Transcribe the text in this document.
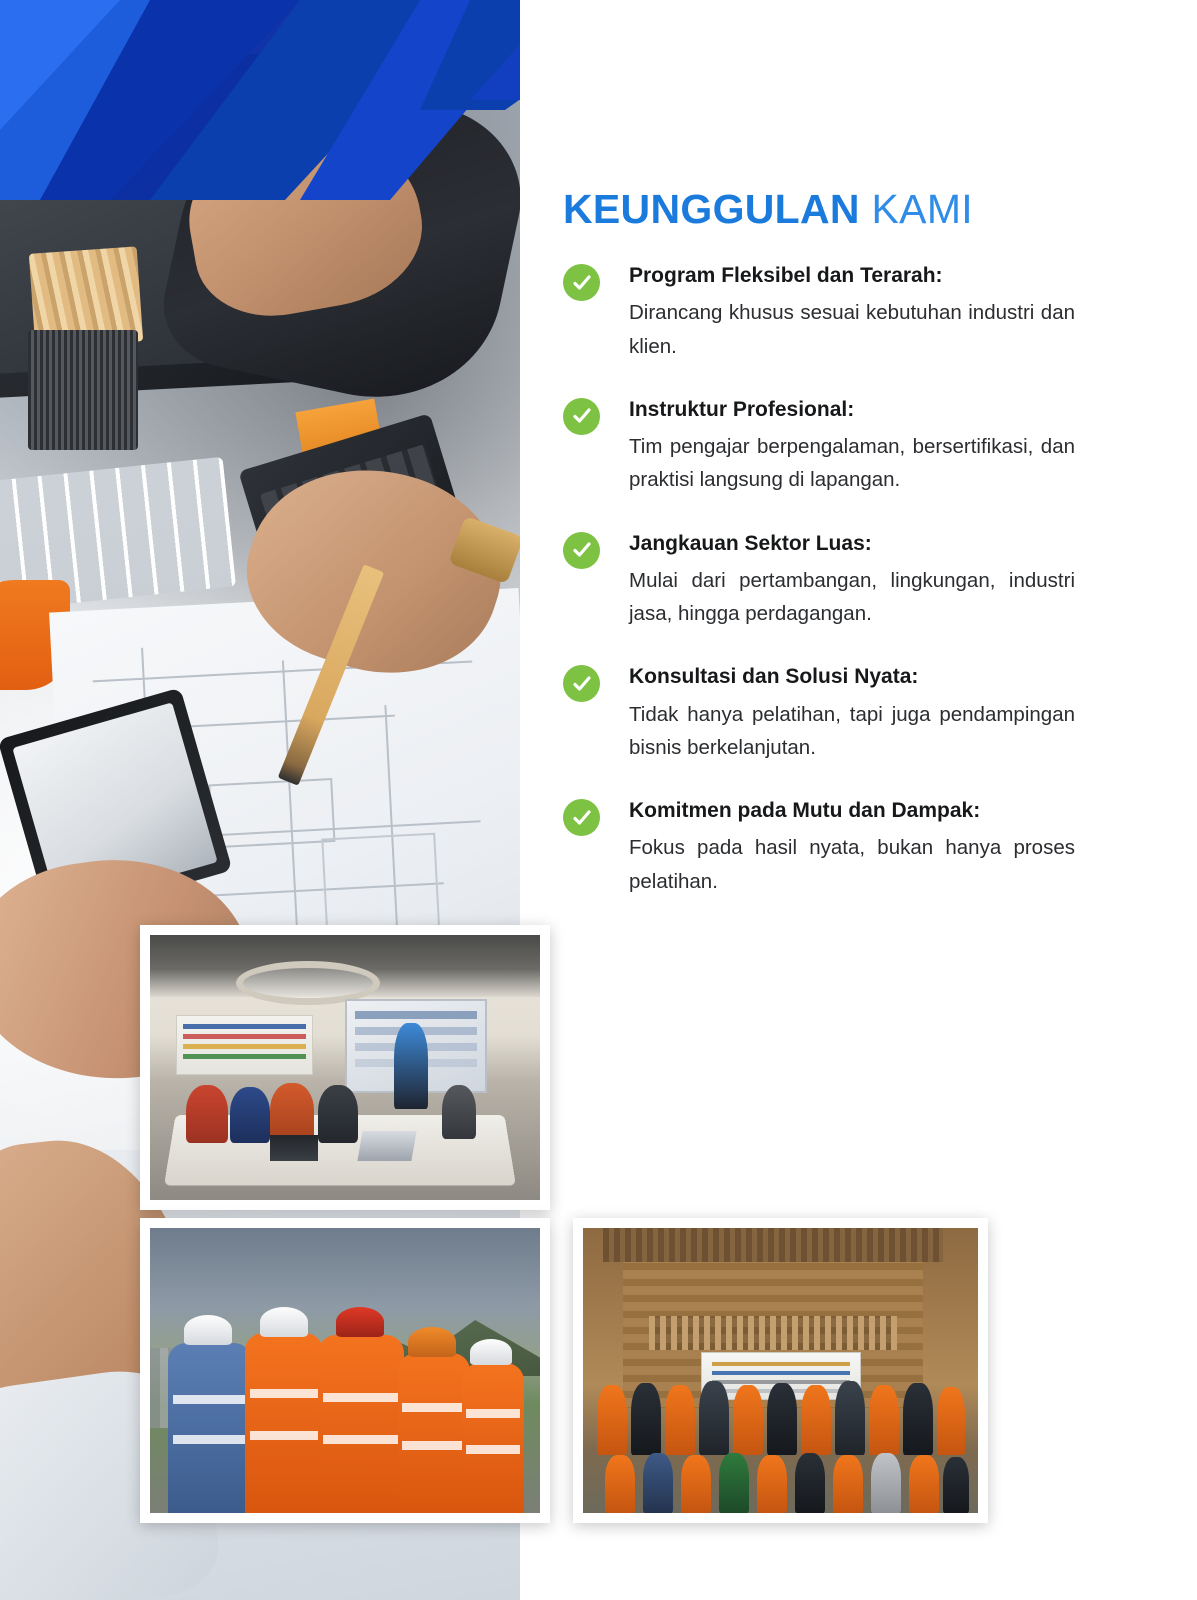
KEUNGGULAN KAMI

Program Fleksibel dan Terarah:

Dirancang khusus sesuai kebutuhan industri dan klien.

Instruktur Profesional:

Tim pengajar berpengalaman, bersertifikasi, dan praktisi langsung di lapangan.

Jangkauan Sektor Luas:

Mulai dari pertambangan, lingkungan, industri jasa, hingga perdagangan.

Konsultasi dan Solusi Nyata:

Tidak hanya pelatihan, tapi juga pendampingan bisnis berkelanjutan.

Komitmen pada Mutu dan Dampak:

Fokus pada hasil nyata, bukan hanya proses pelatihan.
